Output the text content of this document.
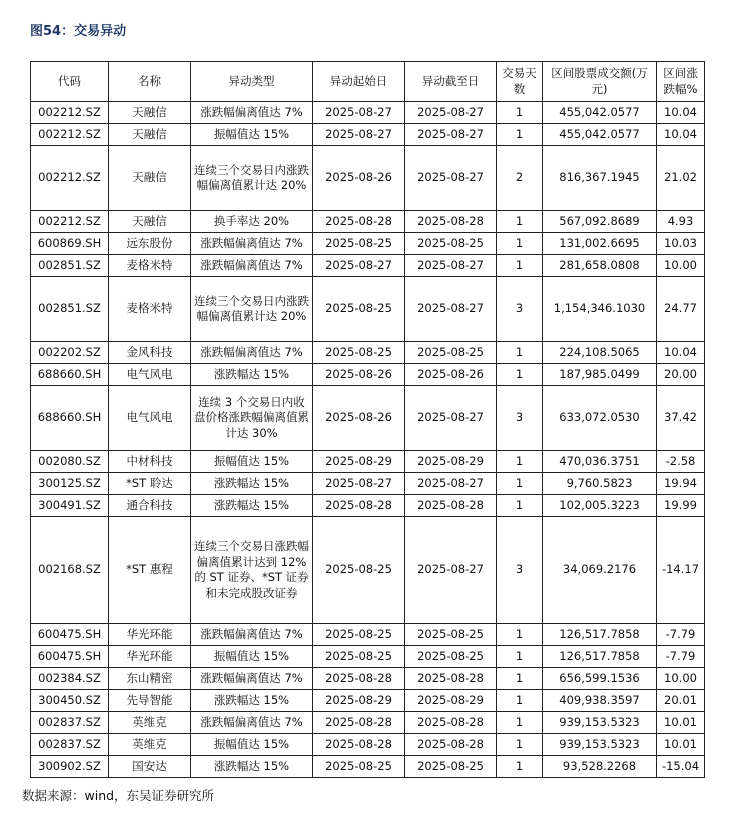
图54：交易异动
代码	名称	异动类型	异动起始日	异动截至日	交易天数	区间股票成交额(万元)	区间涨跌幅%
002212.SZ	天融信	涨跌幅偏离值达 7%	2025-08-27	2025-08-27	1	455,042.0577	10.04
002212.SZ	天融信	振幅值达 15%	2025-08-27	2025-08-27	1	455,042.0577	10.04
002212.SZ	天融信	连续三个交易日内涨跌幅偏离值累计达 20%	2025-08-26	2025-08-27	2	816,367.1945	21.02
002212.SZ	天融信	换手率达 20%	2025-08-28	2025-08-28	1	567,092.8689	4.93
600869.SH	远东股份	涨跌幅偏离值达 7%	2025-08-25	2025-08-25	1	131,002.6695	10.03
002851.SZ	麦格米特	涨跌幅偏离值达 7%	2025-08-27	2025-08-27	1	281,658.0808	10.00
002851.SZ	麦格米特	连续三个交易日内涨跌幅偏离值累计达 20%	2025-08-25	2025-08-27	3	1,154,346.1030	24.77
002202.SZ	金风科技	涨跌幅偏离值达 7%	2025-08-25	2025-08-25	1	224,108.5065	10.04
688660.SH	电气风电	涨跌幅达 15%	2025-08-26	2025-08-26	1	187,985.0499	20.00
688660.SH	电气风电	连续 3 个交易日内收盘价格涨跌幅偏离值累计达 30%	2025-08-26	2025-08-27	3	633,072.0530	37.42
002080.SZ	中材科技	振幅值达 15%	2025-08-29	2025-08-29	1	470,036.3751	-2.58
300125.SZ	*ST 聆达	涨跌幅达 15%	2025-08-27	2025-08-27	1	9,760.5823	19.94
300491.SZ	通合科技	涨跌幅达 15%	2025-08-28	2025-08-28	1	102,005.3223	19.99
002168.SZ	*ST 惠程	连续三个交易日涨跌幅偏离值累计达到 12%的 ST 证券、*ST 证券和未完成股改证券	2025-08-25	2025-08-27	3	34,069.2176	-14.17
600475.SH	华光环能	涨跌幅偏离值达 7%	2025-08-25	2025-08-25	1	126,517.7858	-7.79
600475.SH	华光环能	振幅值达 15%	2025-08-25	2025-08-25	1	126,517.7858	-7.79
002384.SZ	东山精密	涨跌幅偏离值达 7%	2025-08-28	2025-08-28	1	656,599.1536	10.00
300450.SZ	先导智能	涨跌幅达 15%	2025-08-29	2025-08-29	1	409,938.3597	20.01
002837.SZ	英维克	涨跌幅偏离值达 7%	2025-08-28	2025-08-28	1	939,153.5323	10.01
002837.SZ	英维克	振幅值达 15%	2025-08-28	2025-08-28	1	939,153.5323	10.01
300902.SZ	国安达	涨跌幅达 15%	2025-08-25	2025-08-25	1	93,528.2268	-15.04
数据来源：wind，东吴证券研究所
